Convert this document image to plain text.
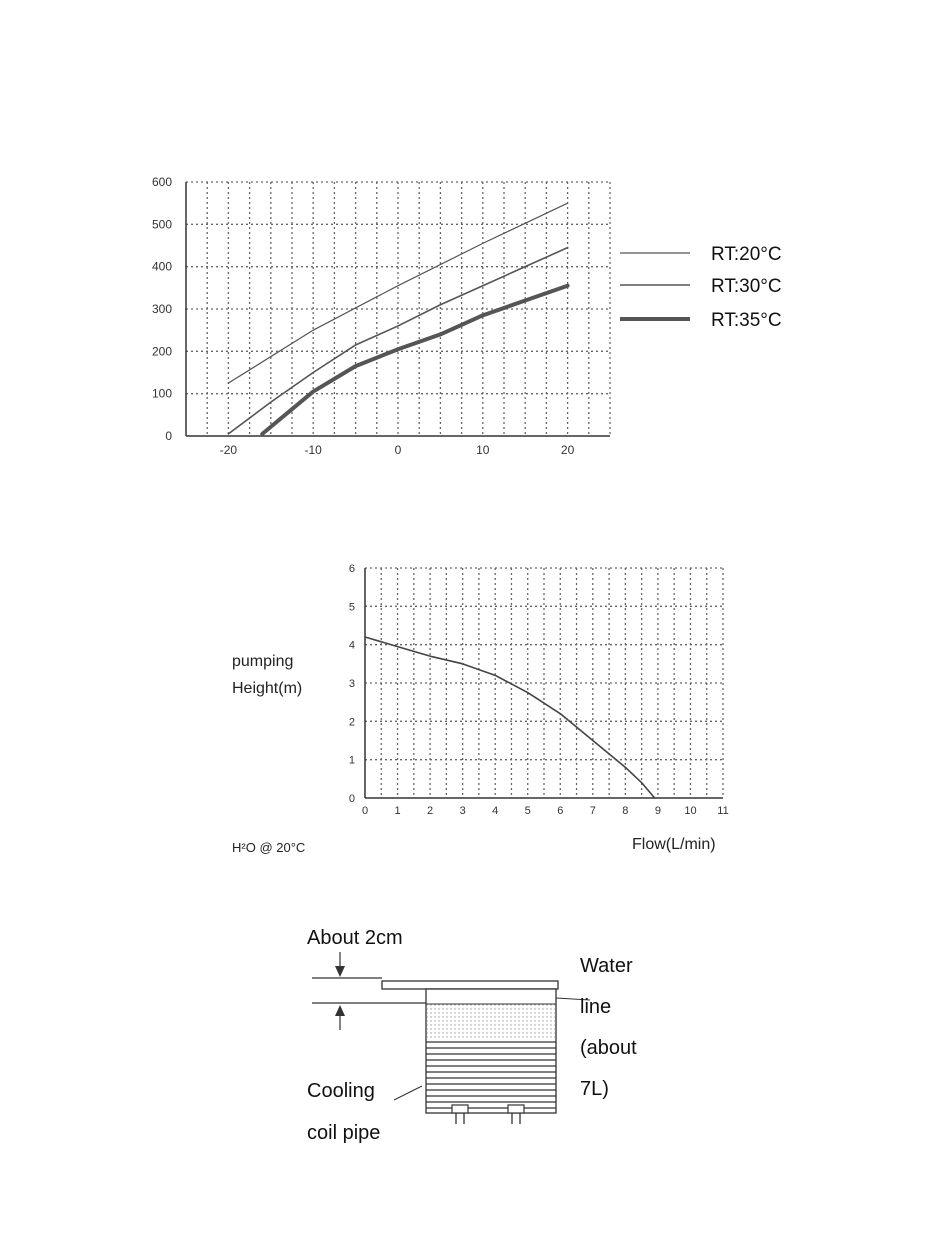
0
100
200
300
400
500
600
-20	-10	0	10	20
RT:20°C
RT:30°C
RT:35°C
0
1
2
3
4
5
6
0 1 2 3 4 5 6 7 8 9 10 11
pumping
Height(m)
H²O @ 20°C	Flow(L/min)
About 2cm
Water
line
(about
7L)
Cooling
coil pipe
